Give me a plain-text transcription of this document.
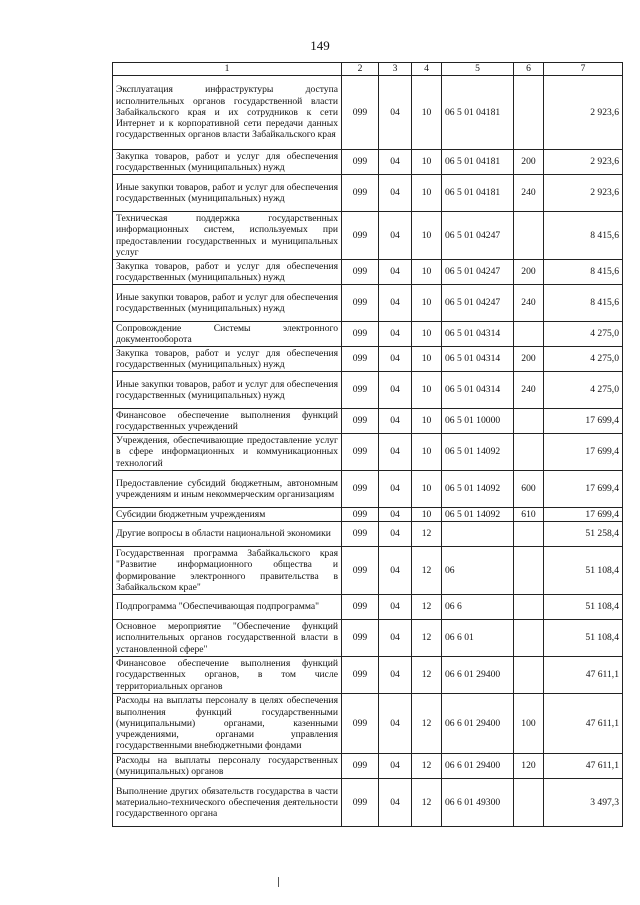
149
1	2	3	4	5	6	7
Эксплуатация инфраструктуры доступа исполнительных органов государственной власти Забайкальского края и их сотрудников к сети Интернет и к корпоративной сети передачи данных государственных органов власти Забайкальского края	099	04	10	06 5 01 04181		2 923,6
Закупка товаров, работ и услуг для обеспечения государственных (муниципальных) нужд	099	04	10	06 5 01 04181	200	2 923,6
Иные закупки товаров, работ и услуг для обеспечения государственных (муниципальных) нужд	099	04	10	06 5 01 04181	240	2 923,6
Техническая поддержка государственных информационных систем, используемых при предоставлении государственных и муниципальных услуг	099	04	10	06 5 01 04247		8 415,6
Закупка товаров, работ и услуг для обеспечения государственных (муниципальных) нужд	099	04	10	06 5 01 04247	200	8 415,6
Иные закупки товаров, работ и услуг для обеспечения государственных (муниципальных) нужд	099	04	10	06 5 01 04247	240	8 415,6
Сопровождение Системы электронного документооборота	099	04	10	06 5 01 04314		4 275,0
Закупка товаров, работ и услуг для обеспечения государственных (муниципальных) нужд	099	04	10	06 5 01 04314	200	4 275,0
Иные закупки товаров, работ и услуг для обеспечения государственных (муниципальных) нужд	099	04	10	06 5 01 04314	240	4 275,0
Финансовое обеспечение выполнения функций государственных учреждений	099	04	10	06 5 01 10000		17 699,4
Учреждения, обеспечивающие предоставление услуг в сфере информационных и коммуникационных технологий	099	04	10	06 5 01 14092		17 699,4
Предоставление субсидий бюджетным, автономным учреждениям и иным некоммерческим организациям	099	04	10	06 5 01 14092	600	17 699,4
Субсидии бюджетным учреждениям	099	04	10	06 5 01 14092	610	17 699,4
Другие вопросы в области национальной экономики	099	04	12			51 258,4
Государственная программа Забайкальского края "Развитие информационного общества и формирование электронного правительства в Забайкальском крае"	099	04	12	06		51 108,4
Подпрограмма "Обеспечивающая подпрограмма"	099	04	12	06 6		51 108,4
Основное мероприятие "Обеспечение функций исполнительных органов государственной власти в установленной сфере"	099	04	12	06 6 01		51 108,4
Финансовое обеспечение выполнения функций государственных органов, в том числе территориальных органов	099	04	12	06 6 01 29400		47 611,1
Расходы на выплаты персоналу в целях обеспечения выполнения функций государственными (муниципальными) органами, казенными учреждениями, органами управления государственными внебюджетными фондами	099	04	12	06 6 01 29400	100	47 611,1
Расходы на выплаты персоналу государственных (муниципальных) органов	099	04	12	06 6 01 29400	120	47 611,1
Выполнение других обязательств государства в части материально-технического обеспечения деятельности государственного органа	099	04	12	06 6 01 49300		3 497,3
